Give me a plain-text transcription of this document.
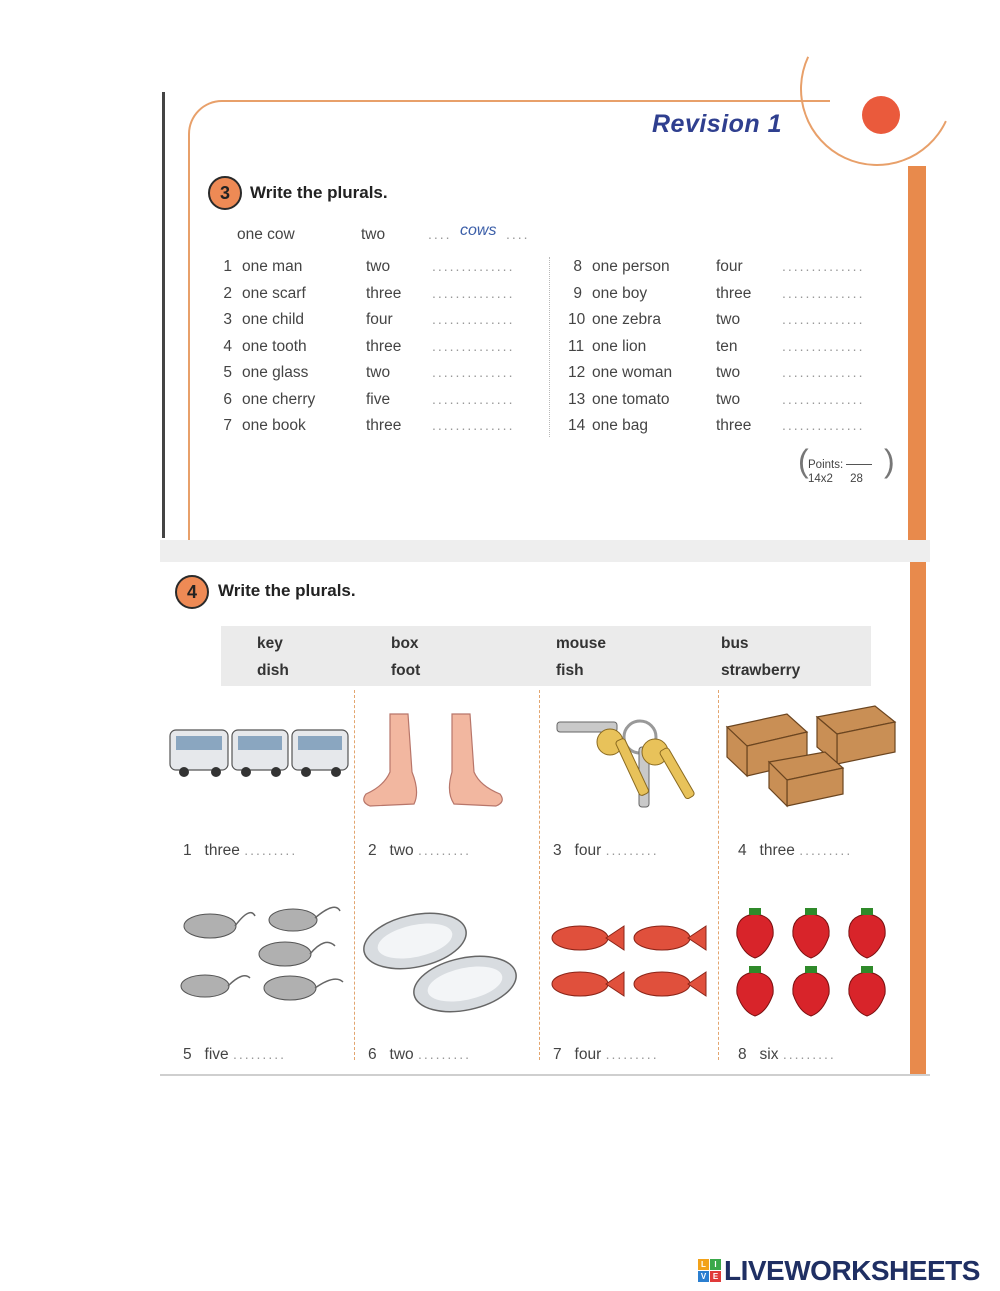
Revision 1
3	Write the plurals.
one cow	two	.... cows ....
( Points:
14x2 28 )
1 one man	two	..............
2 one scarf	three ..............
3 one child	four	..............
4 one tooth	three ..............
5 one glass	two	..............
6 one cherry	five	..............
7 one book	three ..............
8 one person	four	..............
9 one boy	three ..............
10 one zebra	two	..............
11 one lion	ten	..............
12 one woman	two	..............
13 one tomato	two	..............
14 one bag	three ..............
4	Write the plurals.
key	box	mouse	bus
dish	foot	fish	strawberry
1 three .........	2 two .........	3 four .........	4 three .........
5 five .........	6 two .........	7 four .........	8 six .........
L	I
V E LIVEWORKSHEETS
